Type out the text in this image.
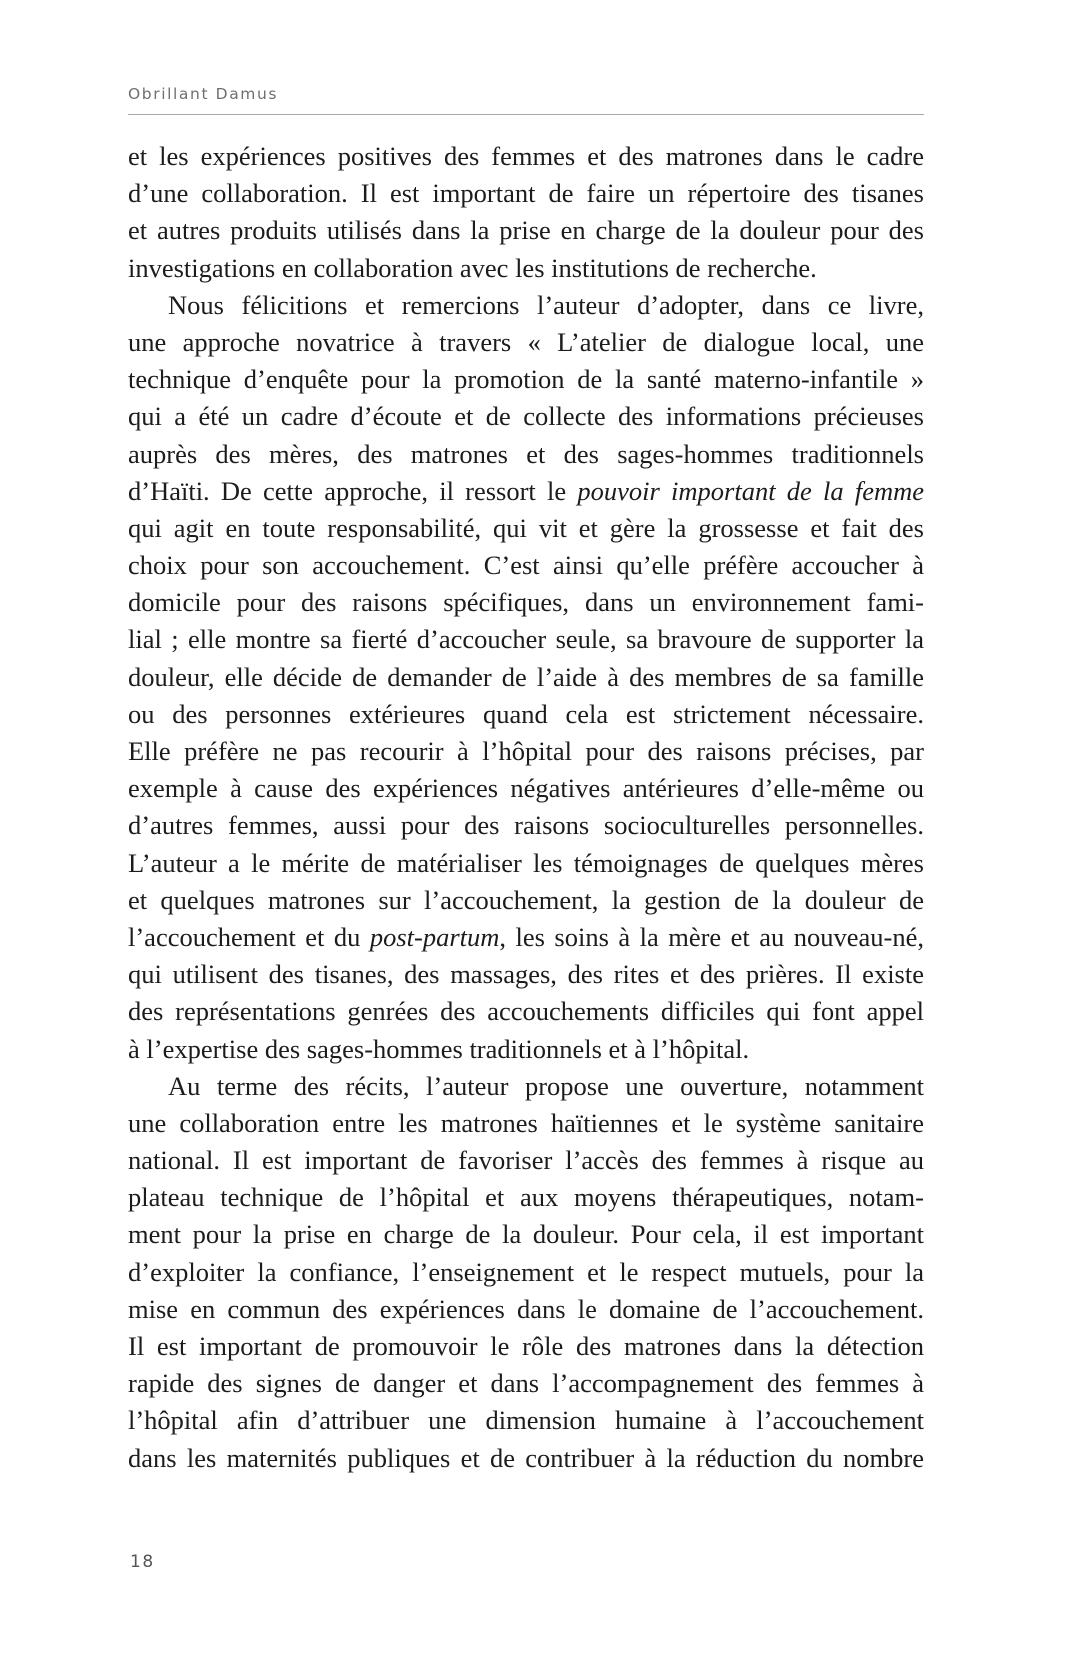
Obrillant Damus

et les expériences positives des femmes et des matrones dans le cadre
d’une collaboration. Il est important de faire un répertoire des tisanes
et autres produits utilisés dans la prise en charge de la douleur pour des
investigations en collaboration avec les institutions de recherche.

Nous félicitions et remercions l’auteur d’adopter, dans ce livre,
une approche novatrice à travers « L’atelier de dialogue local, une
technique d’enquête pour la promotion de la santé materno-infantile »
qui a été un cadre d’écoute et de collecte des informations précieuses
auprès des mères, des matrones et des sages-hommes traditionnels
d’Haïti. De cette approche, il ressort le pouvoir important de la femme
qui agit en toute responsabilité, qui vit et gère la grossesse et fait des
choix pour son accouchement. C’est ainsi qu’elle préfère accoucher à
domicile pour des raisons spécifiques, dans un environnement fami-
lial ; elle montre sa fierté d’accoucher seule, sa bravoure de supporter la
douleur, elle décide de demander de l’aide à des membres de sa famille
ou des personnes extérieures quand cela est strictement nécessaire.
Elle préfère ne pas recourir à l’hôpital pour des raisons précises, par
exemple à cause des expériences négatives antérieures d’elle-même ou
d’autres femmes, aussi pour des raisons socioculturelles personnelles.
L’auteur a le mérite de matérialiser les témoignages de quelques mères
et quelques matrones sur l’accouchement, la gestion de la douleur de
l’accouchement et du post-partum, les soins à la mère et au nouveau-né,
qui utilisent des tisanes, des massages, des rites et des prières. Il existe
des représentations genrées des accouchements difficiles qui font appel
à l’expertise des sages-hommes traditionnels et à l’hôpital.

Au terme des récits, l’auteur propose une ouverture, notamment
une collaboration entre les matrones haïtiennes et le système sanitaire
national. Il est important de favoriser l’accès des femmes à risque au
plateau technique de l’hôpital et aux moyens thérapeutiques, notam-
ment pour la prise en charge de la douleur. Pour cela, il est important
d’exploiter la confiance, l’enseignement et le respect mutuels, pour la
mise en commun des expériences dans le domaine de l’accouchement.
Il est important de promouvoir le rôle des matrones dans la détection
rapide des signes de danger et dans l’accompagnement des femmes à
l’hôpital afin d’attribuer une dimension humaine à l’accouchement
dans les maternités publiques et de contribuer à la réduction du nombre

18
